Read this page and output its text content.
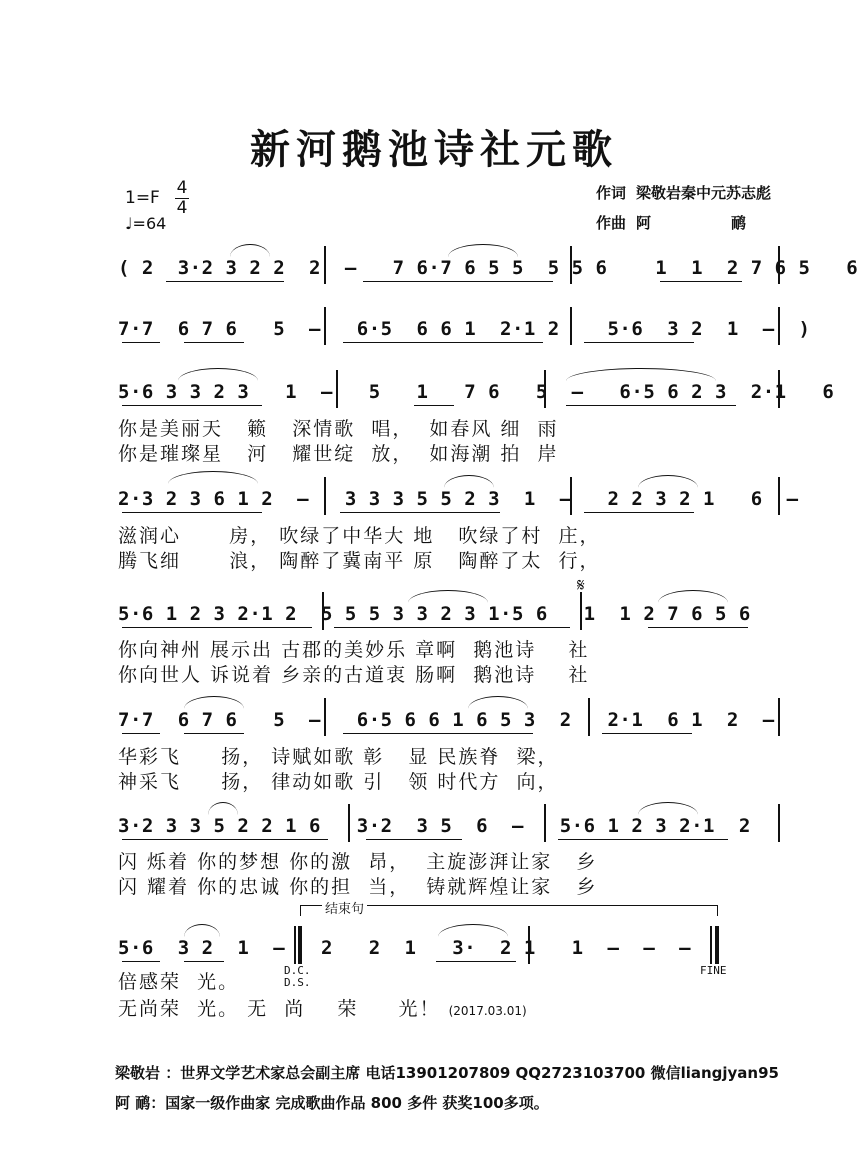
新河鹅池诗社元歌
1=F 4
4
♩=64
作词 梁敬岩秦中元苏志彪
作曲 阿	鸸
( 2  3·2 3 2 2  2  –   7 6·7 6 5 5  5 5 6    1  1  2 7 6 5   6
7·7  6 7 6   5  –   6·5  6 6 1  2·1 2    5·6  3 2  1  –  )
5·6 3 3 2 3   1  –   5   1   7 6   5  –   6·5 6 2 3  2·1   6
你是美丽天   籁   深情歌  唱，  如春风 细  雨
你是璀璨星   河   耀世绽  放，  如海潮 拍  岸
2·3 2 3 6 1 2  –   3 3 3 5 5 2 3  1  –   2 2 3 2 1   6  –
滋润心      房， 吹绿了中华大 地   吹绿了村  庄，
腾飞细      浪， 陶醉了冀南平 原   陶醉了太  行，
5·6 1 2 3 2·1 2  5 5 5 3 3 2 3 1·5 6   1  1 2 7 6 5 6
𝄋
你向神州 展示出 古郡的美妙乐 章啊  鹅池诗    社
你向世人 诉说着 乡亲的古道衷 肠啊  鹅池诗    社
7·7  6 7 6   5  –   6·5 6 6 1 6 5 3  2   2·1  6 1  2  –
华彩飞     扬， 诗赋如歌 彰   显 民族脊  梁，
神采飞     扬， 律动如歌 引   领 时代方  向，
3·2 3 3 5 2 2 1 6   3·2  3 5  6  –   5·6 1 2 3 2·1  2
闪 烁着 你的梦想 你的激  昂，  主旋澎湃让家   乡
闪 耀着 你的忠诚 你的担  当，  铸就辉煌让家   乡
结束句
5·6  3 2  1  –   2   2  1   3·  2 1   1  –  –  –
D.C.
D.S.
FINE
倍感荣  光。
无尚荣  光。 无  尚    荣     光！ (2017.03.01)
梁敬岩 ：世界文学艺术家总会副主席 电话13901207809 QQ2723103700 微信liangjyan95
阿 鸸：国家一级作曲家 完成歌曲作品 800 多件 获奖100多项。
